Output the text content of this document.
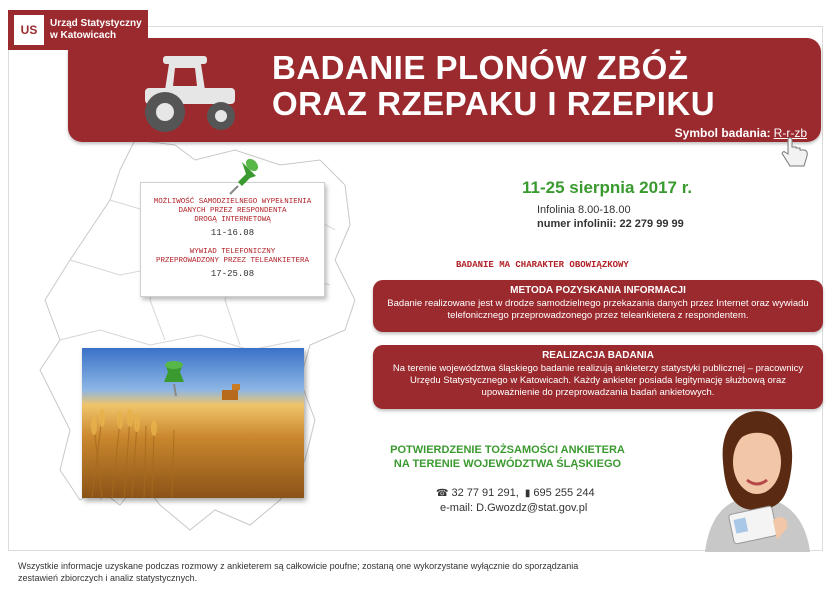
US	Urząd Statystyczny
w Katowicach
BADANIE PLONÓW ZBÓŻ
ORAZ RZEPAKU I RZEPIKU
Symbol badania: R-r-zb
MOŻLIWOŚĆ SAMODZIELNEGO WYPEŁNIENIA
DANYCH PRZEZ RESPONDENTA
DROGĄ INTERNETOWĄ
11-16.08
WYWIAD TELEFONICZNY
PRZEPROWADZONY PRZEZ TELEANKIETERA
17-25.08
11-25 sierpnia 2017 r.
Infolinia 8.00-18.00
numer infolinii: 22 279 99 99
BADANIE MA CHARAKTER OBOWIĄZKOWY
METODA POZYSKANIA INFORMACJI
Badanie realizowane jest w drodze samodzielnego przekazania danych przez Internet oraz wywiadu telefonicznego przeprowadzonego przez teleankietera z respondentem.
REALIZACJA BADANIA
Na terenie województwa śląskiego badanie realizują ankieterzy statystyki publicznej – pracownicy Urzędu Statystycznego w Katowicach. Każdy ankieter posiada legitymację służbową oraz upoważnienie do przeprowadzania badań ankietowych.
POTWIERDZENIE TOŻSAMOŚCI ANKIETERA
NA TERENIE WOJEWÓDZTWA ŚLĄSKIEGO
☎ 32 77 91 291, ▮ 695 255 244
e-mail: D.Gwozdz@stat.gov.pl
Wszystkie informacje uzyskane podczas rozmowy z ankieterem są całkowicie poufne; zostaną one wykorzystane wyłącznie do sporządzania
zestawień zbiorczych i analiz statystycznych.
